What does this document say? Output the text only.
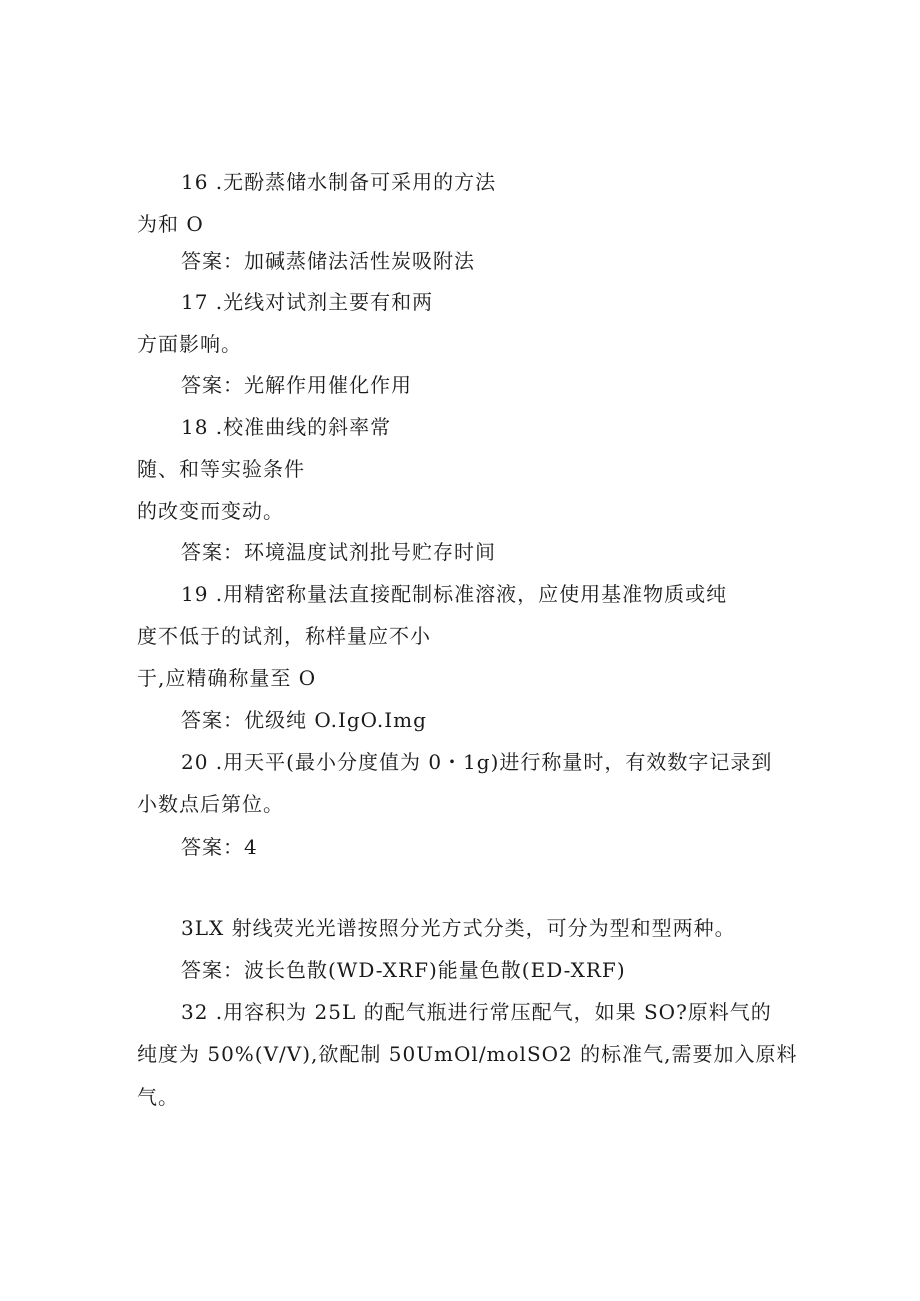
16 .无酚蒸储水制备可采用的方法
为和 O
答案：加碱蒸储法活性炭吸附法
17 .光线对试剂主要有和两
方面影响。
答案：光解作用催化作用
18 .校准曲线的斜率常
随、和等实验条件
的改变而变动。
答案：环境温度试剂批号贮存时间
19 .用精密称量法直接配制标准溶液，应使用基准物质或纯
度不低于的试剂，称样量应不小
于,应精确称量至 O
答案：优级纯 O.IgO.Img
20 .用天平(最小分度值为 0・1g)进行称量时，有效数字记录到
小数点后第位。
答案：4
3LX 射线荧光光谱按照分光方式分类，可分为型和型两种。
答案：波长色散(WD-XRF)能量色散(ED-XRF)
32 .用容积为 25L 的配气瓶进行常压配气，如果 SO?原料气的
纯度为 50%(V/V),欲配制 50UmOl/molSO2 的标准气,需要加入原料
气。
